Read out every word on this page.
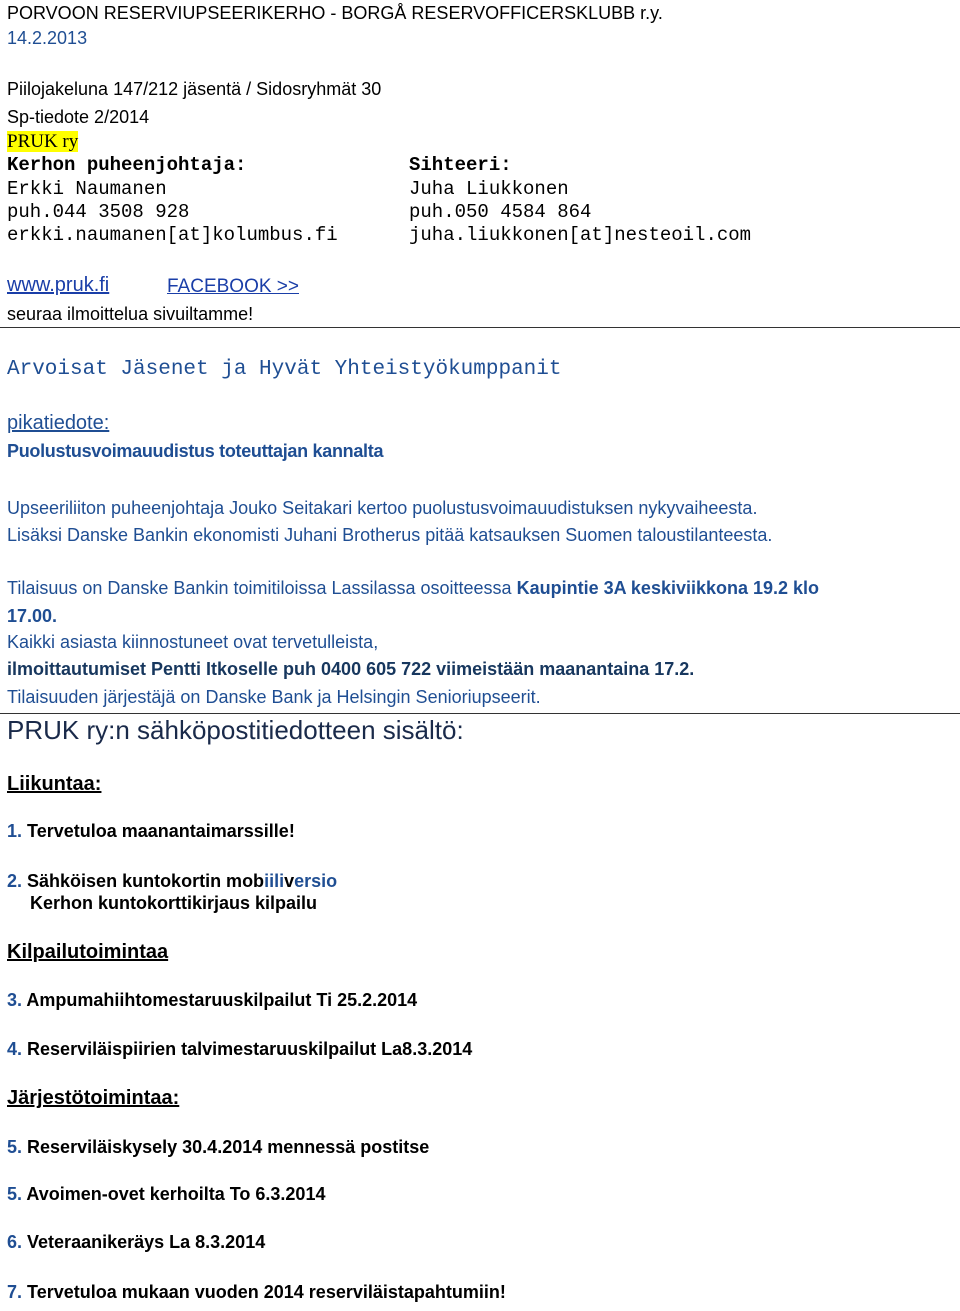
PORVOON RESERVIUPSEERIKERHO - BORGÅ RESERVOFFICERSKLUBB r.y.
14.2.2013
Piilojakeluna 147/212 jäsentä / Sidosryhmät 30
Sp-tiedote 2/2014
PRUK ry
Kerhon puheenjohtaja:
Erkki Naumanen
puh.044 3508 928
erkki.naumanen[at]kolumbus.fi
Sihteeri:
Juha Liukkonen
puh.050 4584 864
juha.liukkonen[at]nesteoil.com
www.pruk.fi	FACEBOOK >>
seuraa ilmoittelua sivuiltamme!
Arvoisat Jäsenet ja Hyvät Yhteistyökumppanit
pikatiedote:
Puolustusvoimauudistus toteuttajan kannalta
Upseeriliiton puheenjohtaja Jouko Seitakari kertoo puolustusvoimauudistuksen nykyvaiheesta.
Lisäksi Danske Bankin ekonomisti Juhani Brotherus pitää katsauksen Suomen taloustilanteesta.
Tilaisuus on Danske Bankin toimitiloissa Lassilassa osoitteessa Kaupintie 3A keskiviikkona 19.2 klo
17.00.
Kaikki asiasta kiinnostuneet ovat tervetulleista,
ilmoittautumiset Pentti Itkoselle puh 0400 605 722 viimeistään maanantaina 17.2.
Tilaisuuden järjestäjä on Danske Bank ja Helsingin Senioriupseerit.
PRUK ry:n sähköpostitiedotteen sisältö:
Liikuntaa:
1. Tervetuloa maanantaimarssille!
2. Sähköisen kuntokortin mobiiliversio
Kerhon kuntokorttikirjaus kilpailu
Kilpailutoimintaa
3. Ampumahiihtomestaruuskilpailut Ti 25.2.2014
4. Reserviläispiirien talvimestaruuskilpailut La8.3.2014
Järjestötoimintaa:
5. Reserviläiskysely 30.4.2014 mennessä postitse
5. Avoimen-ovet kerhoilta To 6.3.2014
6. Veteraanikeräys La 8.3.2014
7. Tervetuloa mukaan vuoden 2014 reserviläistapahtumiin!
